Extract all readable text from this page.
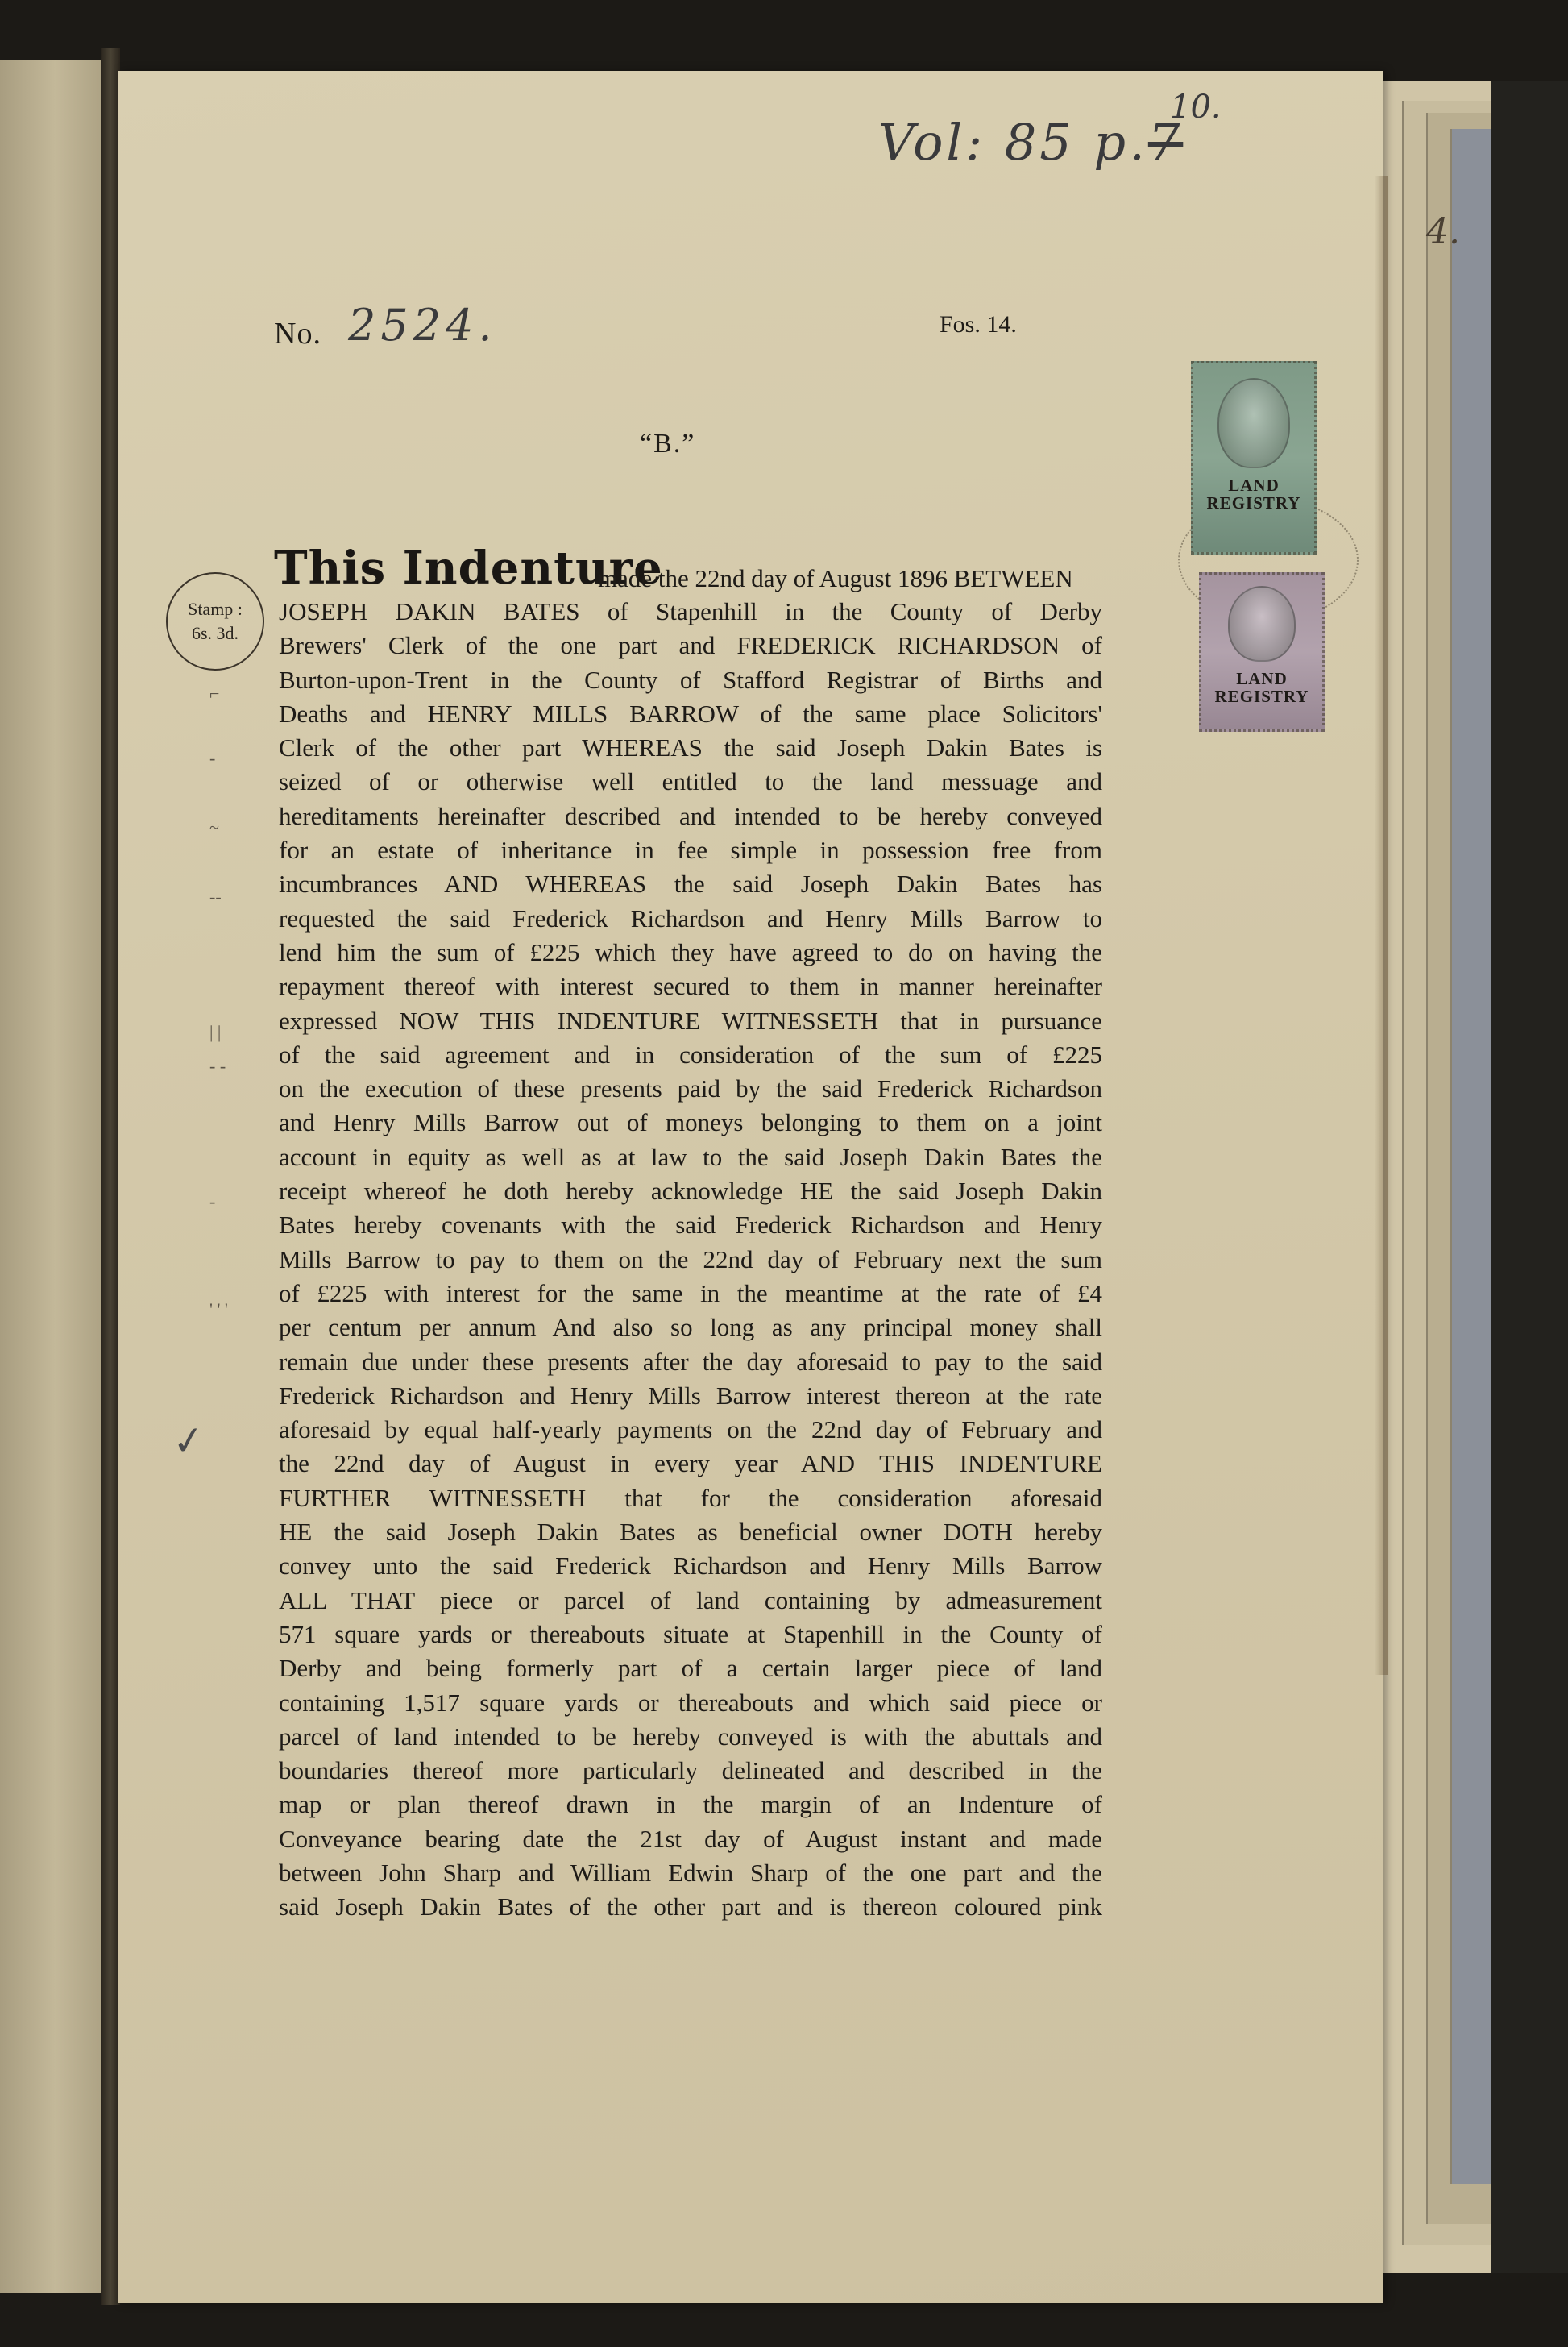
4.
Vol: 85 p.7
10.
No. 2524.	Fos. 14.
“B.”
Stamp :
6s. 3d.
LAND
REGISTRY
LAND
REGISTRY
This Indenture
made the 22nd day of August 1896 BETWEEN
JOSEPH DAKIN BATES of Stapenhill in the County of Derby
Brewers' Clerk of the one part and FREDERICK RICHARDSON of
Burton-upon-Trent in the County of Stafford Registrar of Births and
Deaths and HENRY MILLS BARROW of the same place Solicitors'
Clerk of the other part WHEREAS the said Joseph Dakin Bates is
seized of or otherwise well entitled to the land messuage and
hereditaments hereinafter described and intended to be hereby conveyed
for an estate of inheritance in fee simple in possession free from
incumbrances AND WHEREAS the said Joseph Dakin Bates has
requested the said Frederick Richardson and Henry Mills Barrow to
lend him the sum of £225 which they have agreed to do on having the
repayment thereof with interest secured to them in manner hereinafter
expressed NOW THIS INDENTURE WITNESSETH that in pursuance
of the said agreement and in consideration of the sum of £225
on the execution of these presents paid by the said Frederick Richardson
and Henry Mills Barrow out of moneys belonging to them on a joint
account in equity as well as at law to the said Joseph Dakin Bates the
receipt whereof he doth hereby acknowledge HE the said Joseph Dakin
Bates hereby covenants with the said Frederick Richardson and Henry
Mills Barrow to pay to them on the 22nd day of February next the sum
of £225 with interest for the same in the meantime at the rate of £4
per centum per annum And also so long as any principal money shall
remain due under these presents after the day aforesaid to pay to the said
Frederick Richardson and Henry Mills Barrow interest thereon at the rate
aforesaid by equal half-yearly payments on the 22nd day of February and
the 22nd day of August in every year AND THIS INDENTURE
FURTHER WITNESSETH that for the consideration aforesaid
HE the said Joseph Dakin Bates as beneficial owner DOTH hereby
convey unto the said Frederick Richardson and Henry Mills Barrow
ALL THAT piece or parcel of land containing by admeasurement
571 square yards or thereabouts situate at Stapenhill in the County of
Derby and being formerly part of a certain larger piece of land
containing 1,517 square yards or thereabouts and which said piece or
parcel of land intended to be hereby conveyed is with the abuttals and
boundaries thereof more particularly delineated and described in the
map or plan thereof drawn in the margin of an Indenture of
Conveyance bearing date the 21st day of August instant and made
between John Sharp and William Edwin Sharp of the one part and the
said Joseph Dakin Bates of the other part and is thereon coloured pink
⌐
-
~
--
| |
- -
-
' ' '
✓
